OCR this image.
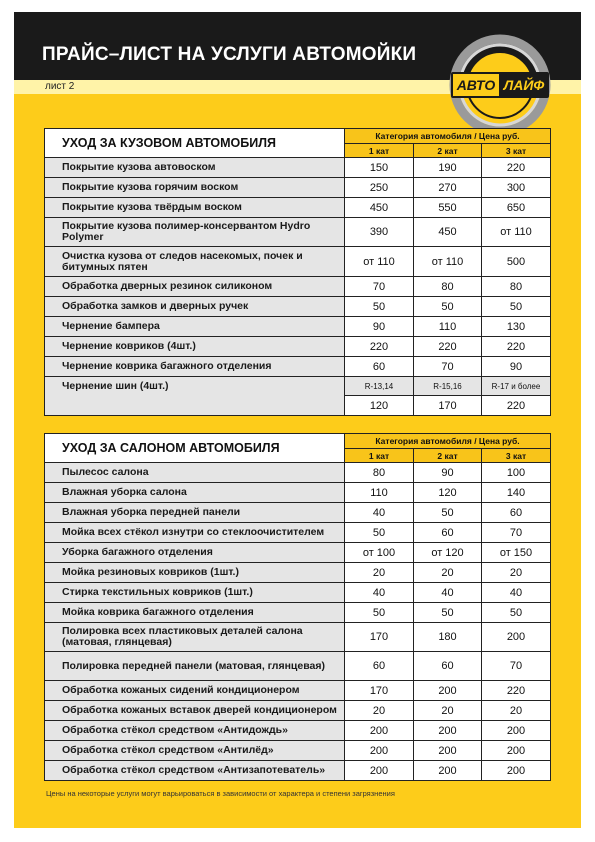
ПРАЙС–ЛИСТ НА УСЛУГИ АВТОМОЙКИ
лист 2	АВТО ЛАЙФ
УХОД ЗА КУЗОВОМ АВТОМОБИЛЯ	Категория автомобиля / Цена руб.		
	1 кат	2 кат	3 кат
Покрытие кузова автовоском	150	190	220
Покрытие кузова горячим воском	250	270	300
Покрытие кузова твёрдым воском	450	550	650
Покрытие кузова полимер-консервантом Hydro Polymer	390	450	от 110
Очистка кузова от следов насекомых, почек и битумных пятен	от 110	от 110	500
Обработка дверных резинок силиконом	70	80	80
Обработка замков и дверных ручек	50	50	50
Чернение бампера	90	110	130
Чернение ковриков (4шт.)	220	220	220
Чернение коврика багажного отделения	60	70	90
Чернение шин (4шт.)	R-13,14	R-15,16	R-17 и более
	120	170	220
УХОД ЗА САЛОНОМ АВТОМОБИЛЯ	Категория автомобиля / Цена руб.		
	1 кат	2 кат	3 кат
Пылесос салона	80	90	100
Влажная уборка салона	110	120	140
Влажная уборка передней панели	40	50	60
Мойка всех стёкол изнутри со стеклоочистителем	50	60	70
Уборка багажного отделения	от 100	от 120	от 150
Мойка резиновых ковриков (1шт.)	20	20	20
Стирка текстильных ковриков (1шт.)	40	40	40
Мойка коврика багажного отделения	50	50	50
Полировка всех пластиковых деталей салона (матовая, глянцевая)	170	180	200
Полировка передней панели (матовая, глянцевая)	60	60	70
Обработка кожаных сидений кондиционером	170	200	220
Обработка кожаных вставок дверей кондиционером	20	20	20
Обработка стёкол средством «Антидождь»	200	200	200
Обработка стёкол средством «Антилёд»	200	200	200
Обработка стёкол средством «Антизапотеватель»	200	200	200
Цены на некоторые услуги могут варьироваться в зависимости от характера и степени загрязнения
